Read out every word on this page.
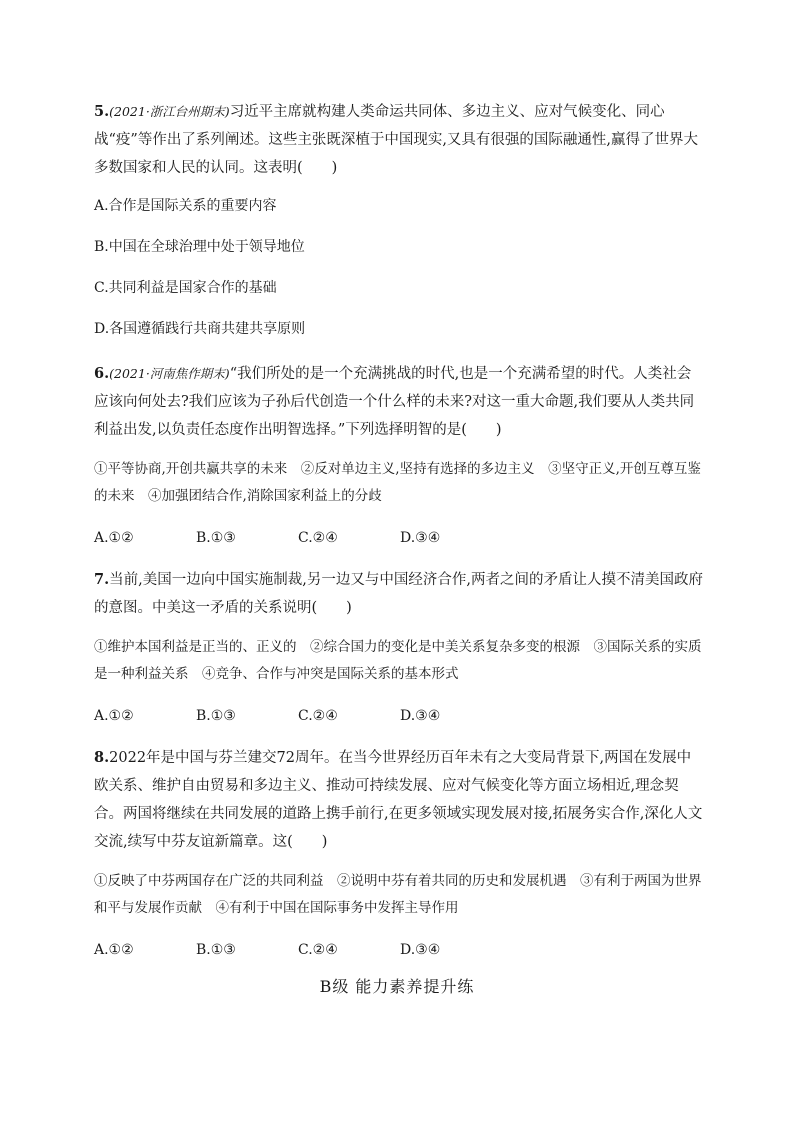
5.(2021·浙江台州期末)习近平主席就构建人类命运共同体、多边主义、应对气候变化、同心战“疫”等作出了系列阐述。这些主张既深植于中国现实,又具有很强的国际融通性,赢得了世界大多数国家和人民的认同。这表明(　　)

A.合作是国际关系的重要内容

B.中国在全球治理中处于领导地位

C.共同利益是国家合作的基础

D.各国遵循践行共商共建共享原则

6.(2021·河南焦作期末)“我们所处的是一个充满挑战的时代,也是一个充满希望的时代。人类社会应该向何处去?我们应该为子孙后代创造一个什么样的未来?对这一重大命题,我们要从人类共同利益出发,以负责任态度作出明智选择。”下列选择明智的是(　　)

①平等协商,开创共赢共享的未来　②反对单边主义,坚持有选择的多边主义　③坚守正义,开创互尊互鉴的未来　④加强团结合作,消除国家利益上的分歧

A.①②	B.①③	C.②④	D.③④

7.当前,美国一边向中国实施制裁,另一边又与中国经济合作,两者之间的矛盾让人摸不清美国政府的意图。中美这一矛盾的关系说明(　　)

①维护本国利益是正当的、正义的　②综合国力的变化是中美关系复杂多变的根源　③国际关系的实质是一种利益关系　④竞争、合作与冲突是国际关系的基本形式

A.①②	B.①③	C.②④	D.③④

8.2022年是中国与芬兰建交72周年。在当今世界经历百年未有之大变局背景下,两国在发展中欧关系、维护自由贸易和多边主义、推动可持续发展、应对气候变化等方面立场相近,理念契合。两国将继续在共同发展的道路上携手前行,在更多领域实现发展对接,拓展务实合作,深化人文交流,续写中芬友谊新篇章。这(　　)

①反映了中芬两国存在广泛的共同利益　②说明中芬有着共同的历史和发展机遇　③有利于两国为世界和平与发展作贡献　④有利于中国在国际事务中发挥主导作用

A.①②	B.①③	C.②④	D.③④
B级 能力素养提升练
